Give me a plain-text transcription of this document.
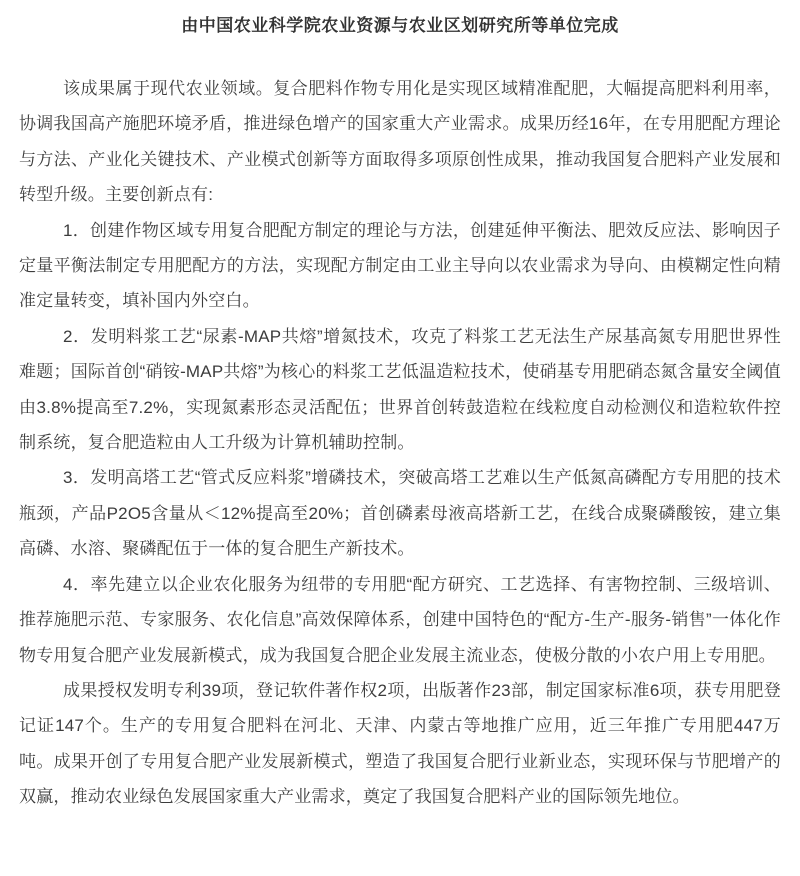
由中国农业科学院农业资源与农业区划研究所等单位完成

该成果属于现代农业领域。复合肥料作物专用化是实现区域精准配肥，大幅提高肥料利用率，协调我国高产施肥环境矛盾，推进绿色增产的国家重大产业需求。成果历经16年，在专用肥配方理论与方法、产业化关键技术、产业模式创新等方面取得多项原创性成果，推动我国复合肥料产业发展和转型升级。主要创新点有:

1．创建作物区域专用复合肥配方制定的理论与方法，创建延伸平衡法、肥效反应法、影响因子定量平衡法制定专用肥配方的方法，实现配方制定由工业主导向以农业需求为导向、由模糊定性向精准定量转变，填补国内外空白。

2．发明料浆工艺“尿素-MAP共熔”增氮技术，攻克了料浆工艺无法生产尿基高氮专用肥世界性难题；国际首创“硝铵-MAP共熔”为核心的料浆工艺低温造粒技术，使硝基专用肥硝态氮含量安全阈值由3.8%提高至7.2%，实现氮素形态灵活配伍；世界首创转鼓造粒在线粒度自动检测仪和造粒软件控制系统，复合肥造粒由人工升级为计算机辅助控制。

3．发明高塔工艺“管式反应料浆”增磷技术，突破高塔工艺难以生产低氮高磷配方专用肥的技术瓶颈，产品P2O5含量从＜12%提高至20%；首创磷素母液高塔新工艺，在线合成聚磷酸铵，建立集高磷、水溶、聚磷配伍于一体的复合肥生产新技术。

4．率先建立以企业农化服务为纽带的专用肥“配方研究、工艺选择、有害物控制、三级培训、推荐施肥示范、专家服务、农化信息”高效保障体系，创建中国特色的“配方-生产-服务-销售”一体化作物专用复合肥产业发展新模式，成为我国复合肥企业发展主流业态，使极分散的小农户用上专用肥。

成果授权发明专利39项，登记软件著作权2项，出版著作23部，制定国家标准6项，获专用肥登记证147个。生产的专用复合肥料在河北、天津、内蒙古等地推广应用，近三年推广专用肥447万吨。成果开创了专用复合肥产业发展新模式，塑造了我国复合肥行业新业态，实现环保与节肥增产的双赢，推动农业绿色发展国家重大产业需求，奠定了我国复合肥料产业的国际领先地位。
